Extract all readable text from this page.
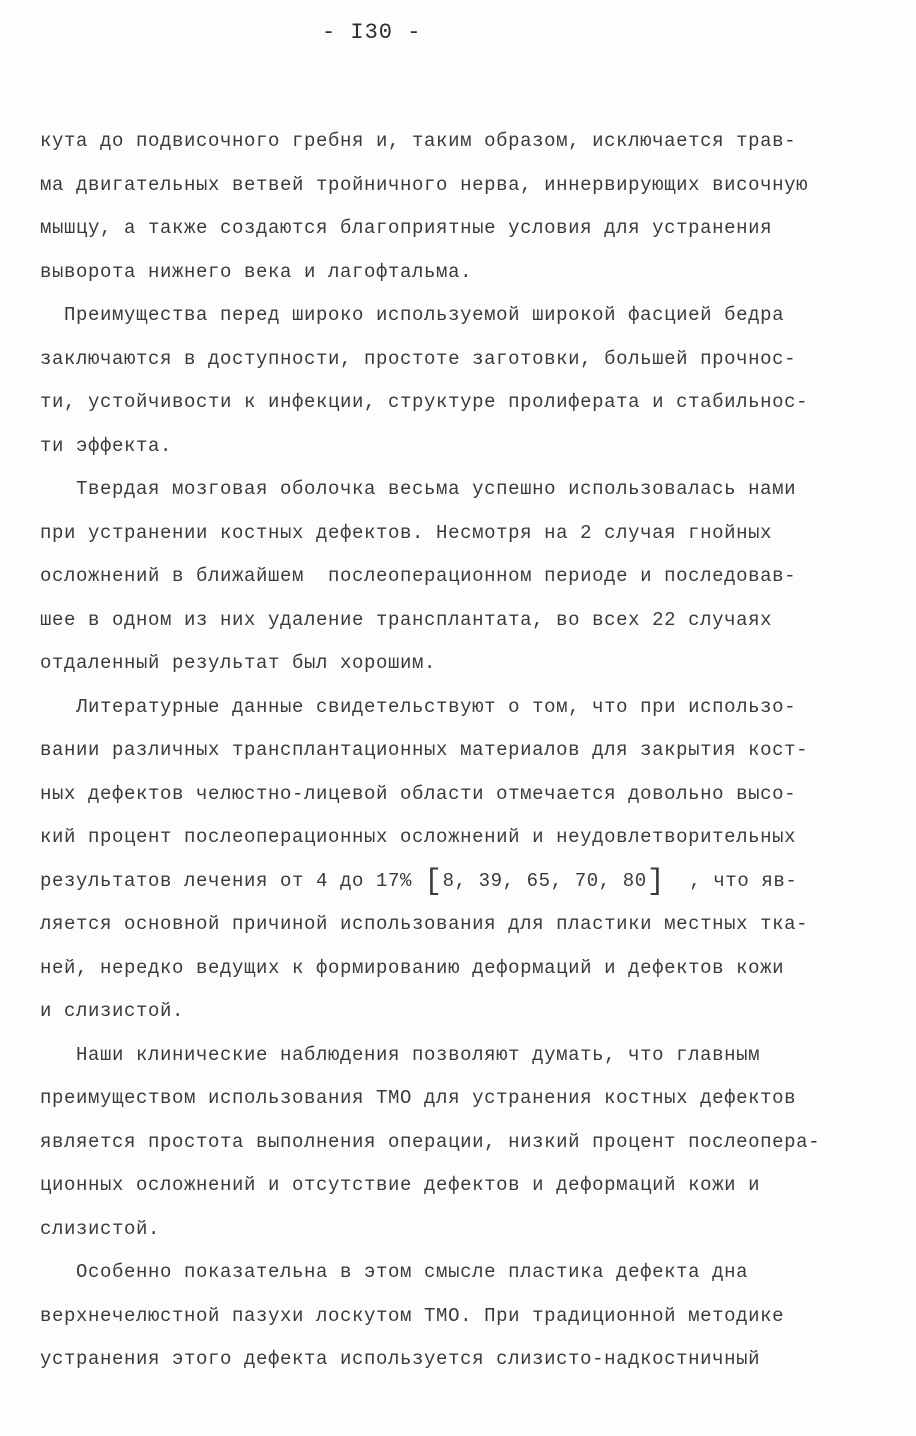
- I30 -
кута до подвисочного гребня и, таким образом, исключается трав-
ма двигательных ветвей тройничного нерва, иннервирующих височную
мышцу, а также создаются благоприятные условия для устранения
выворота нижнего века и лагофтальма.
Преимущества перед широко используемой широкой фасцией бедра
заключаются в доступности, простоте заготовки, большей прочнос-
ти, устойчивости к инфекции, структуре пролиферата и стабильнос-
ти эффекта.
Твердая мозговая оболочка весьма успешно использовалась нами
при устранении костных дефектов. Несмотря на 2 случая гнойных
осложнений в ближайшем  послеоперационном периоде и последовав-
шее в одном из них удаление трансплантата, во всех 22 случаях
отдаленный результат был хорошим.
Литературные данные свидетельствуют о том, что при использо-
вании различных трансплантационных материалов для закрытия кост-
ных дефектов челюстно-лицевой области отмечается довольно высо-
кий процент послеоперационных осложнений и неудовлетворительных
результатов лечения от 4 до 17% [8, 39, 65, 70, 80]  , что яв-
ляется основной причиной использования для пластики местных тка-
ней, нередко ведущих к формированию деформаций и дефектов кожи
и слизистой.
Наши клинические наблюдения позволяют думать, что главным
преимуществом использования ТМО для устранения костных дефектов
является простота выполнения операции, низкий процент послеопера-
ционных осложнений и отсутствие дефектов и деформаций кожи и
слизистой.
Особенно показательна в этом смысле пластика дефекта дна
верхнечелюстной пазухи лоскутом ТМО. При традиционной методике
устранения этого дефекта используется слизисто-надкостничный
